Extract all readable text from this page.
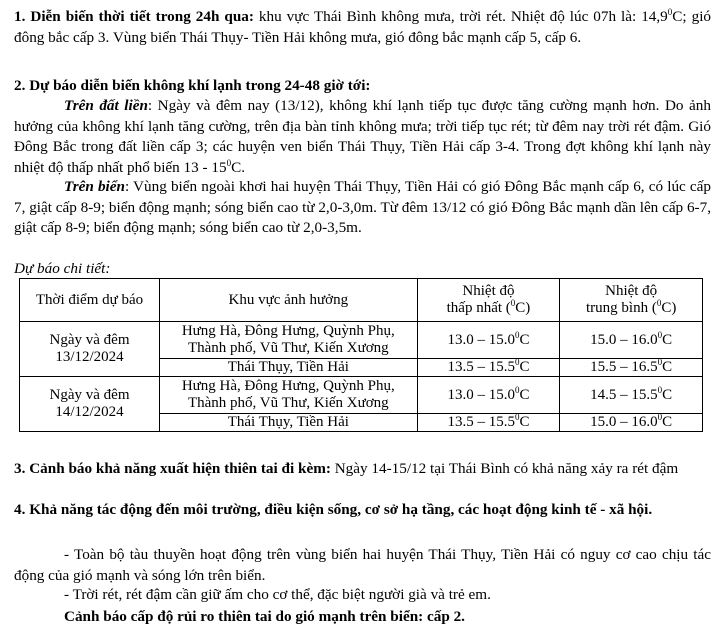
1. Diễn biến thời tiết trong 24h qua: khu vực Thái Bình không mưa, trời rét. Nhiệt độ lúc 07h là: 14,9$^0$C; gió đông bắc cấp 3. Vùng biển Thái Thụy- Tiền Hải không mưa, gió đông bắc mạnh cấp 5, cấp 6.

2. Dự báo diễn biến không khí lạnh trong 24-48 giờ tới:

Trên đất liền: Ngày và đêm nay (13/12), không khí lạnh tiếp tục được tăng cường mạnh hơn. Do ảnh hưởng của không khí lạnh tăng cường, trên địa bàn tỉnh không mưa; trời tiếp tục rét; từ đêm nay trời rét đậm. Gió Đông Bắc trong đất liền cấp 3; các huyện ven biển Thái Thụy, Tiền Hải cấp 3-4. Trong đợt không khí lạnh này nhiệt độ thấp nhất phổ biến $13 - 15^0C$.

Trên biển: Vùng biển ngoài khơi hai huyện Thái Thụy, Tiền Hải có gió Đông Bắc mạnh cấp 6, có lúc cấp 7, giật cấp 8-9; biển động mạnh; sóng biển cao từ 2,0-3,0m. Từ đêm 13/12 có gió Đông Bắc mạnh dần lên cấp 6-7, giật cấp 8-9; biển động mạnh; sóng biển cao từ 2,0-3,5m.

Dự báo chi tiết:

Thời điểm dự báo	Khu vực ảnh hưởng	Nhiệt độ
thấp nhất ($^0$C)	Nhiệt độ
trung bình ($^0$C)
Ngày và đêm
13/12/2024	Hưng Hà, Đông Hưng, Quỳnh Phụ,
Thành phố, Vũ Thư, Kiến Xương	13.0 – 15.0$^0$C	15.0 – 16.0$^0$C
	Thái Thụy, Tiền Hải	13.5 – 15.5$^0$C	15.5 – 16.5$^0$C
Ngày và đêm
14/12/2024	Hưng Hà, Đông Hưng, Quỳnh Phụ,
Thành phố, Vũ Thư, Kiến Xương	13.0 – 15.0$^0$C	14.5 – 15.5$^0$C
	Thái Thụy, Tiền Hải	13.5 – 15.5$^0$C	15.0 – 16.0$^0$C

3. Cảnh báo khả năng xuất hiện thiên tai đi kèm: Ngày 14-15/12 tại Thái Bình có khả năng xảy ra rét đậm

4. Khả năng tác động đến môi trường, điều kiện sống, cơ sở hạ tầng, các hoạt động kinh tế - xã hội.

- Toàn bộ tàu thuyền hoạt động trên vùng biển hai huyện Thái Thụy, Tiền Hải có nguy cơ cao chịu tác động của gió mạnh và sóng lớn trên biển.

- Trời rét, rét đậm cần giữ ấm cho cơ thể, đặc biệt người già và trẻ em.

Cảnh báo cấp độ rủi ro thiên tai do gió mạnh trên biển: cấp 2.
